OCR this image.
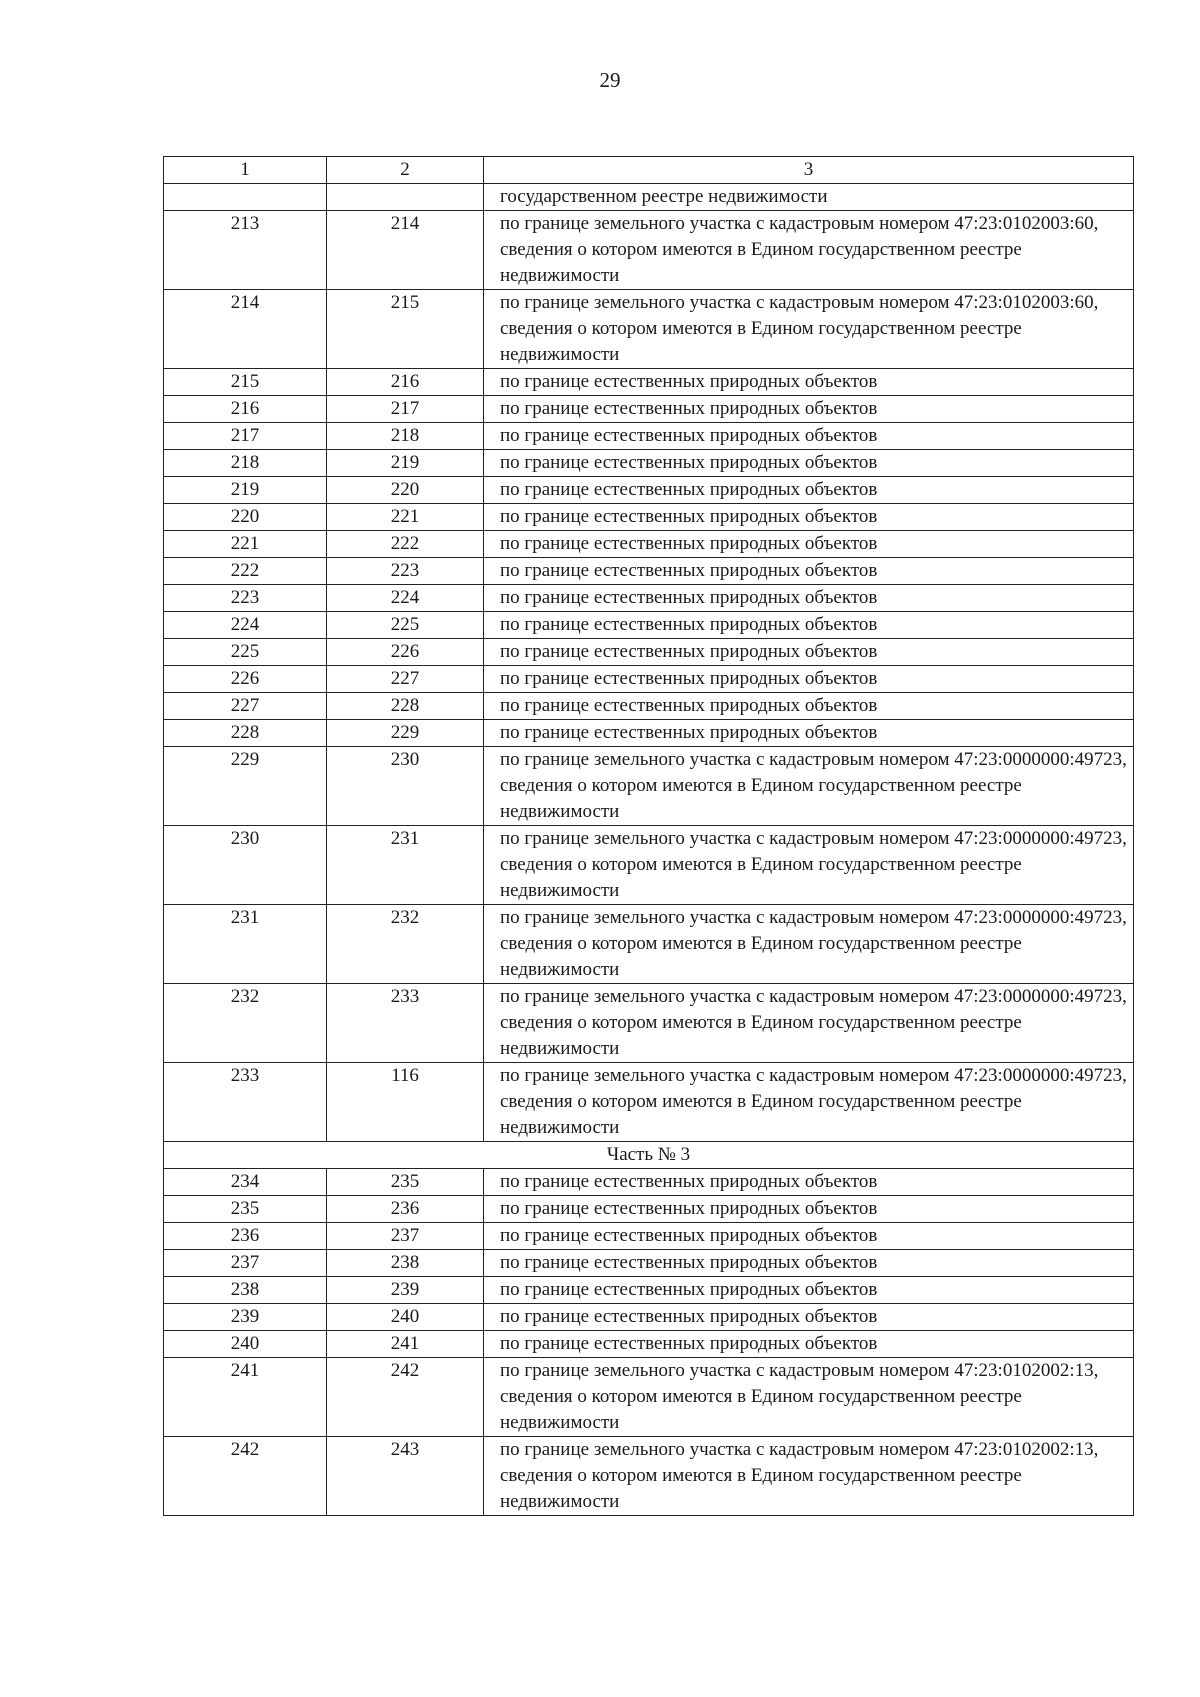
29
1	2	3
		государственном реестре недвижимости
213	214	по границе земельного участка с кадастровым номером 47:23:0102003:60, сведения о котором имеются в Едином государственном реестре недвижимости
214	215	по границе земельного участка с кадастровым номером 47:23:0102003:60, сведения о котором имеются в Едином государственном реестре недвижимости
215	216	по границе естественных природных объектов
216	217	по границе естественных природных объектов
217	218	по границе естественных природных объектов
218	219	по границе естественных природных объектов
219	220	по границе естественных природных объектов
220	221	по границе естественных природных объектов
221	222	по границе естественных природных объектов
222	223	по границе естественных природных объектов
223	224	по границе естественных природных объектов
224	225	по границе естественных природных объектов
225	226	по границе естественных природных объектов
226	227	по границе естественных природных объектов
227	228	по границе естественных природных объектов
228	229	по границе естественных природных объектов
229	230	по границе земельного участка с кадастровым номером 47:23:0000000:49723, сведения о котором имеются в Едином государственном реестре недвижимости
230	231	по границе земельного участка с кадастровым номером 47:23:0000000:49723, сведения о котором имеются в Едином государственном реестре недвижимости
231	232	по границе земельного участка с кадастровым номером 47:23:0000000:49723, сведения о котором имеются в Едином государственном реестре недвижимости
232	233	по границе земельного участка с кадастровым номером 47:23:0000000:49723, сведения о котором имеются в Едином государственном реестре недвижимости
233	116	по границе земельного участка с кадастровым номером 47:23:0000000:49723, сведения о котором имеются в Едином государственном реестре недвижимости
Часть № 3		
234	235	по границе естественных природных объектов
235	236	по границе естественных природных объектов
236	237	по границе естественных природных объектов
237	238	по границе естественных природных объектов
238	239	по границе естественных природных объектов
239	240	по границе естественных природных объектов
240	241	по границе естественных природных объектов
241	242	по границе земельного участка с кадастровым номером 47:23:0102002:13, сведения о котором имеются в Едином государственном реестре недвижимости
242	243	по границе земельного участка с кадастровым номером 47:23:0102002:13, сведения о котором имеются в Едином государственном реестре недвижимости
